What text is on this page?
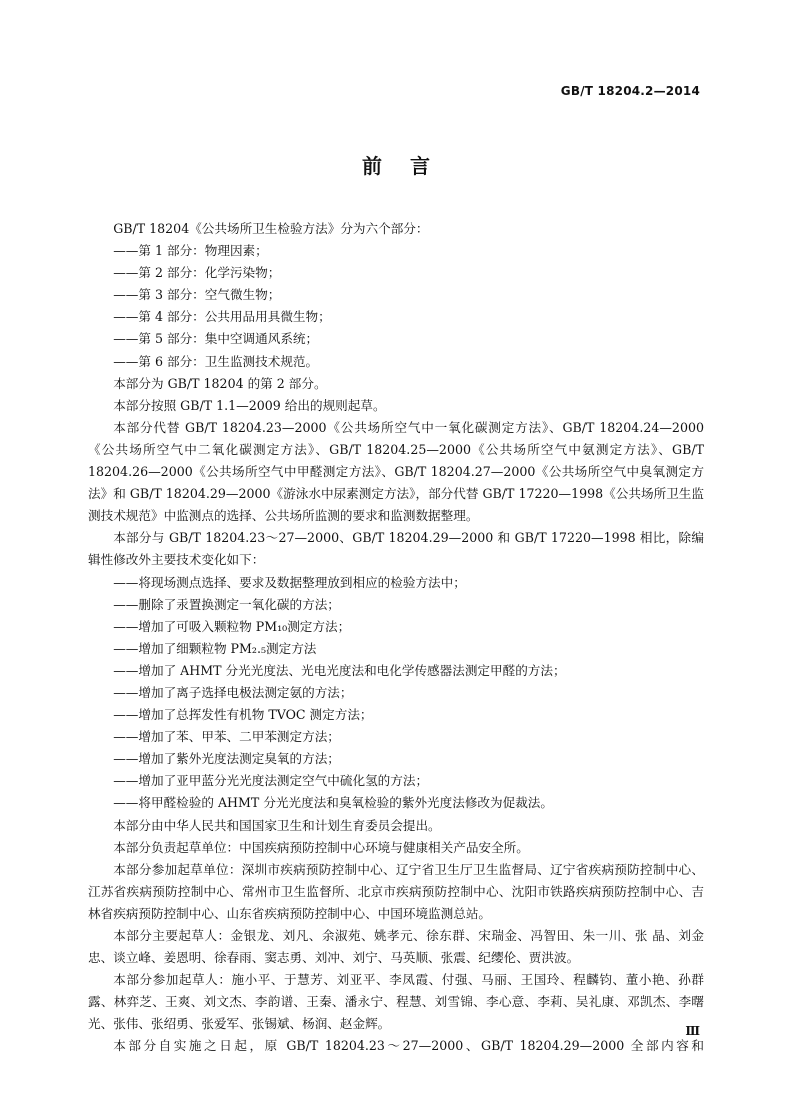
GB/T 18204.2—2014
前言

GB/T 18204《公共场所卫生检验方法》分为六个部分：

——第 1 部分：物理因素；

——第 2 部分：化学污染物；

——第 3 部分：空气微生物；

——第 4 部分：公共用品用具微生物；

——第 5 部分：集中空调通风系统；

——第 6 部分：卫生监测技术规范。

本部分为 GB/T 18204 的第 2 部分。

本部分按照 GB/T 1.1—2009 给出的规则起草。

本部分代替 GB/T 18204.23—2000《公共场所空气中一氧化碳测定方法》、GB/T 18204.24—2000《公共场所空气中二氧化碳测定方法》、GB/T 18204.25—2000《公共场所空气中氨测定方法》、GB/T 18204.26—2000《公共场所空气中甲醛测定方法》、GB/T 18204.27—2000《公共场所空气中臭氧测定方法》和 GB/T 18204.29—2000《游泳水中尿素测定方法》，部分代替 GB/T 17220—1998《公共场所卫生监测技术规范》中监测点的选择、公共场所监测的要求和监测数据整理。

本部分与 GB/T 18204.23～27—2000、GB/T 18204.29—2000 和 GB/T 17220—1998 相比，除编辑性修改外主要技术变化如下：

——将现场测点选择、要求及数据整理放到相应的检验方法中；

——删除了汞置换测定一氧化碳的方法；

——增加了可吸入颗粒物 PM₁₀测定方法；

——增加了细颗粒物 PM₂.₅测定方法

——增加了 AHMT 分光光度法、光电光度法和电化学传感器法测定甲醛的方法；

——增加了离子选择电极法测定氨的方法；

——增加了总挥发性有机物 TVOC 测定方法；

——增加了苯、甲苯、二甲苯测定方法；

——增加了紫外光度法测定臭氧的方法；

——增加了亚甲蓝分光光度法测定空气中硫化氢的方法；

——将甲醛检验的 AHMT 分光光度法和臭氧检验的紫外光度法修改为促裁法。

本部分由中华人民共和国国家卫生和计划生育委员会提出。

本部分负责起草单位：中国疾病预防控制中心环境与健康相关产品安全所。

本部分参加起草单位：深圳市疾病预防控制中心、辽宁省卫生厅卫生监督局、辽宁省疾病预防控制中心、江苏省疾病预防控制中心、常州市卫生监督所、北京市疾病预防控制中心、沈阳市铁路疾病预防控制中心、吉林省疾病预防控制中心、山东省疾病预防控制中心、中国环境监测总站。

本部分主要起草人：金银龙、刘凡、余淑苑、姚孝元、徐东群、宋瑞金、冯智田、朱一川、张 晶、刘金忠、谈立峰、姜恩明、徐春雨、窦志勇、刘冲、刘宁、马英顺、张震、纪缨伦、贾洪波。

本部分参加起草人：施小平、于慧芳、刘亚平、李凤霞、付强、马丽、王国玲、程麟钧、董小艳、孙群露、林弈芝、王爽、刘文杰、李韵谱、王秦、潘永宁、程慧、刘雪锦、李心意、李莉、吴礼康、邓凯杰、李曙光、张伟、张绍勇、张爱军、张锡斌、杨润、赵金辉。

本部分自实施之日起，原 GB/T 18204.23～27—2000、GB/T 18204.29—2000 全部内容和

Ⅲ
